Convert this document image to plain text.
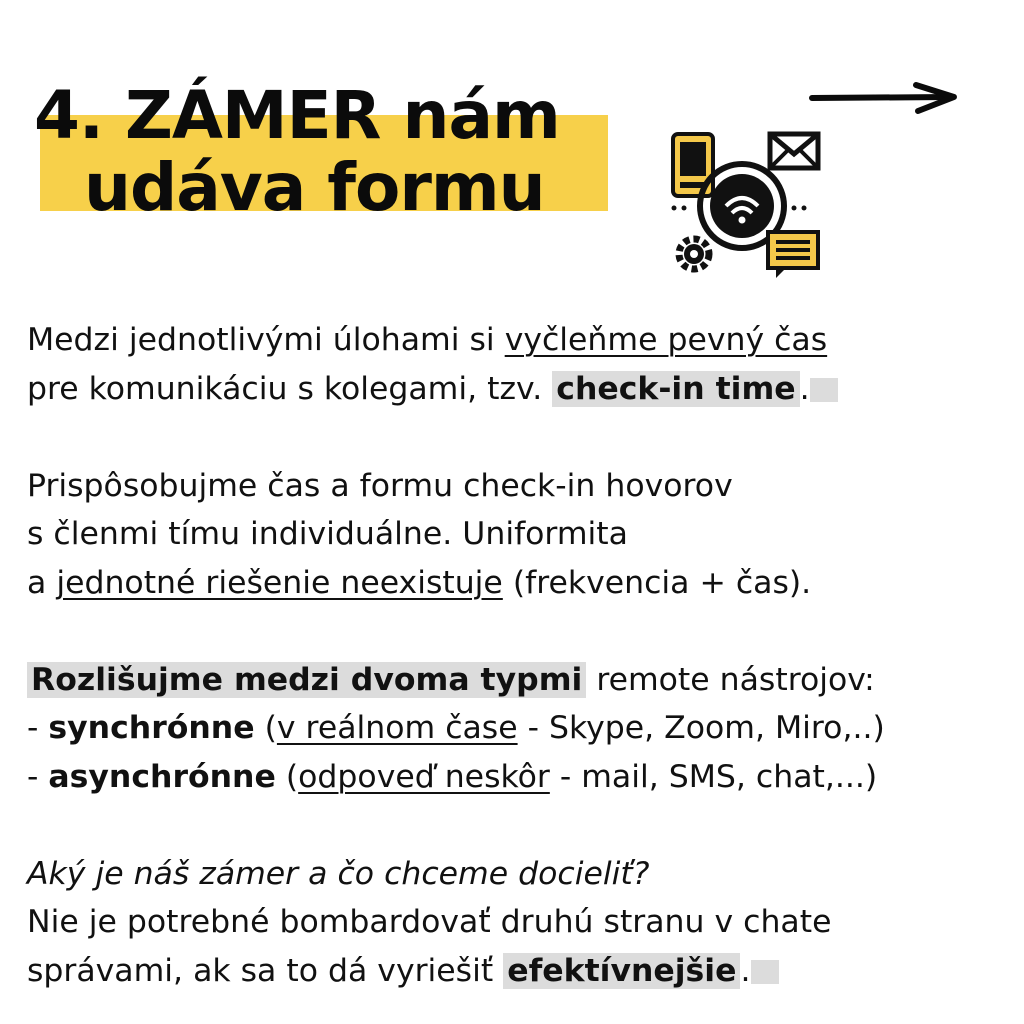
4. ZÁMER nám
udáva formu

Medzi jednotlivými úlohami si vyčleňme pevný čas

pre komunikáciu s kolegami, tzv. check-in time .

Prispôsobujme čas a formu check-in hovorov

s členmi tímu individuálne. Uniformita

a jednotné riešenie neexistuje (frekvencia + čas).

Rozlišujme medzi dvoma typmi remote nástrojov:

- synchrónne (v reálnom čase - Skype, Zoom, Miro,..)

- asynchrónne (odpoveď neskôr - mail, SMS, chat,...)

Aký je náš zámer a čo chceme docieliť?

Nie je potrebné bombardovať druhú stranu v chate

správami, ak sa to dá vyriešiť efektívnejšie .
